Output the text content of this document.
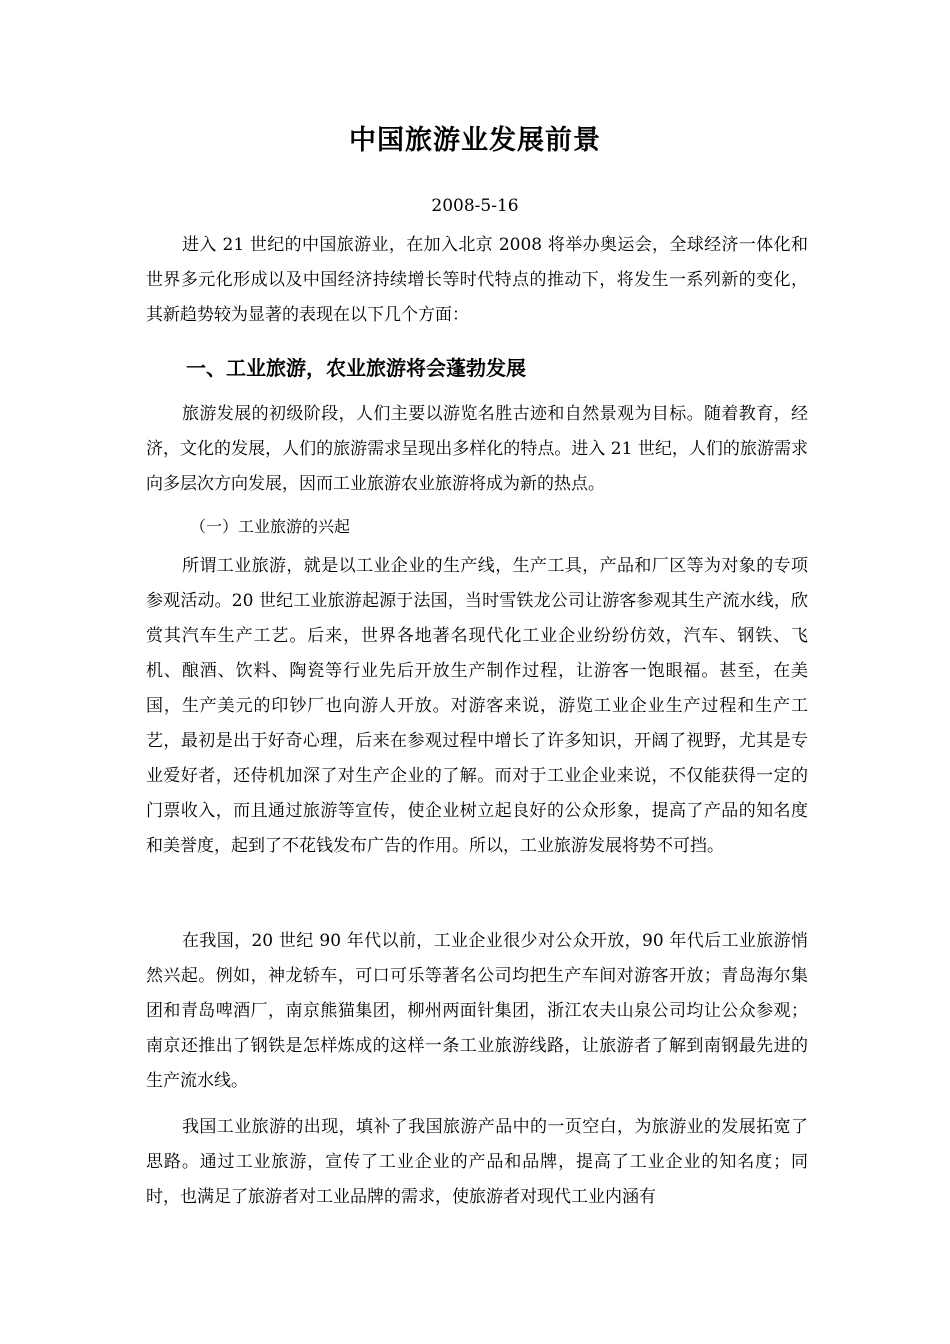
中国旅游业发展前景
2008-5-16

进入 21 世纪的中国旅游业，在加入北京 2008 将举办奥运会，全球经济一体化和世界多元化形成以及中国经济持续增长等时代特点的推动下，将发生一系列新的变化，其新趋势较为显著的表现在以下几个方面：

一、工业旅游，农业旅游将会蓬勃发展

旅游发展的初级阶段，人们主要以游览名胜古迹和自然景观为目标。随着教育，经济，文化的发展，人们的旅游需求呈现出多样化的特点。进入 21 世纪，人们的旅游需求向多层次方向发展，因而工业旅游农业旅游将成为新的热点。

（一）工业旅游的兴起

所谓工业旅游，就是以工业企业的生产线，生产工具，产品和厂区等为对象的专项参观活动。20 世纪工业旅游起源于法国，当时雪铁龙公司让游客参观其生产流水线，欣赏其汽车生产工艺。后来，世界各地著名现代化工业企业纷纷仿效，汽车、钢铁、飞机、酿酒、饮料、陶瓷等行业先后开放生产制作过程，让游客一饱眼福。甚至，在美国，生产美元的印钞厂也向游人开放。对游客来说，游览工业企业生产过程和生产工艺，最初是出于好奇心理，后来在参观过程中增长了许多知识，开阔了视野，尤其是专业爱好者，还侍机加深了对生产企业的了解。而对于工业企业来说，不仅能获得一定的门票收入，而且通过旅游等宣传，使企业树立起良好的公众形象，提高了产品的知名度和美誉度，起到了不花钱发布广告的作用。所以，工业旅游发展将势不可挡。

在我国，20 世纪 90 年代以前，工业企业很少对公众开放，90 年代后工业旅游悄然兴起。例如，神龙轿车，可口可乐等著名公司均把生产车间对游客开放；青岛海尔集团和青岛啤酒厂，南京熊猫集团，柳州两面针集团，浙江农夫山泉公司均让公众参观；南京还推出了钢铁是怎样炼成的这样一条工业旅游线路，让旅游者了解到南钢最先进的生产流水线。

我国工业旅游的出现，填补了我国旅游产品中的一页空白，为旅游业的发展拓宽了思路。通过工业旅游，宣传了工业企业的产品和品牌，提高了工业企业的知名度；同时，也满足了旅游者对工业品牌的需求，使旅游者对现代工业内涵有
